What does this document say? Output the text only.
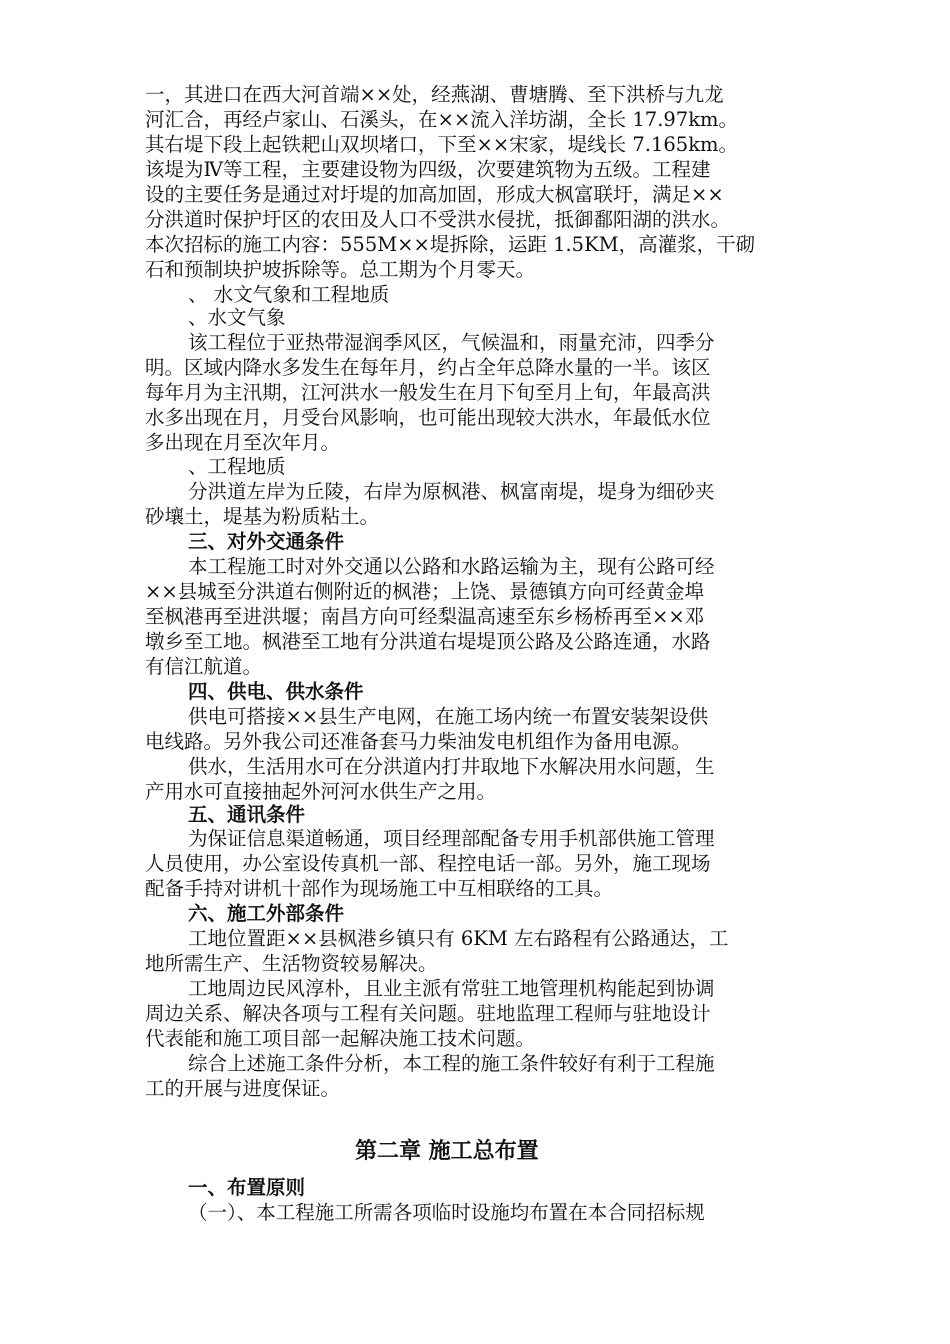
一，其进口在西大河首端××处，经燕湖、曹塘腾、至下洪桥与九龙
河汇合，再经卢家山、石溪头，在××流入洋坊湖，全长 17.97km。
其右堤下段上起铁耙山双坝堵口，下至××宋家，堤线长 7.165km。
该堤为Ⅳ等工程，主要建设物为四级，次要建筑物为五级。工程建
设的主要任务是通过对圩堤的加高加固，形成大枫富联圩，满足××
分洪道时保护圩区的农田及人口不受洪水侵扰，抵御鄱阳湖的洪水。
本次招标的施工内容：555M××堤拆除，运距 1.5KM，高灌浆，干砌
石和预制块护坡拆除等。总工期为个月零天。
、 水文气象和工程地质
、水文气象
该工程位于亚热带湿润季风区，气候温和，雨量充沛，四季分
明。区域内降水多发生在每年月，约占全年总降水量的一半。该区
每年月为主汛期，江河洪水一般发生在月下旬至月上旬，年最高洪
水多出现在月，月受台风影响，也可能出现较大洪水，年最低水位
多出现在月至次年月。
、工程地质
分洪道左岸为丘陵，右岸为原枫港、枫富南堤，堤身为细砂夹
砂壤土，堤基为粉质粘土。
三、对外交通条件
本工程施工时对外交通以公路和水路运输为主，现有公路可经
××县城至分洪道右侧附近的枫港；上饶、景德镇方向可经黄金埠
至枫港再至进洪堰；南昌方向可经梨温高速至东乡杨桥再至××邓
墩乡至工地。枫港至工地有分洪道右堤堤顶公路及公路连通，水路
有信江航道。
四、供电、供水条件
供电可搭接××县生产电网，在施工场内统一布置安装架设供
电线路。另外我公司还准备套马力柴油发电机组作为备用电源。
供水，生活用水可在分洪道内打井取地下水解决用水问题，生
产用水可直接抽起外河河水供生产之用。
五、通讯条件
为保证信息渠道畅通，项目经理部配备专用手机部供施工管理
人员使用，办公室设传真机一部、程控电话一部。另外，施工现场
配备手持对讲机十部作为现场施工中互相联络的工具。
六、施工外部条件
工地位置距××县枫港乡镇只有 6KM 左右路程有公路通达，工
地所需生产、生活物资较易解决。
工地周边民风淳朴，且业主派有常驻工地管理机构能起到协调
周边关系、解决各项与工程有关问题。驻地监理工程师与驻地设计
代表能和施工项目部一起解决施工技术问题。
综合上述施工条件分析，本工程的施工条件较好有利于工程施
工的开展与进度保证。
第二章 施工总布置
一、布置原则
（一）、本工程施工所需各项临时设施均布置在本合同招标规
